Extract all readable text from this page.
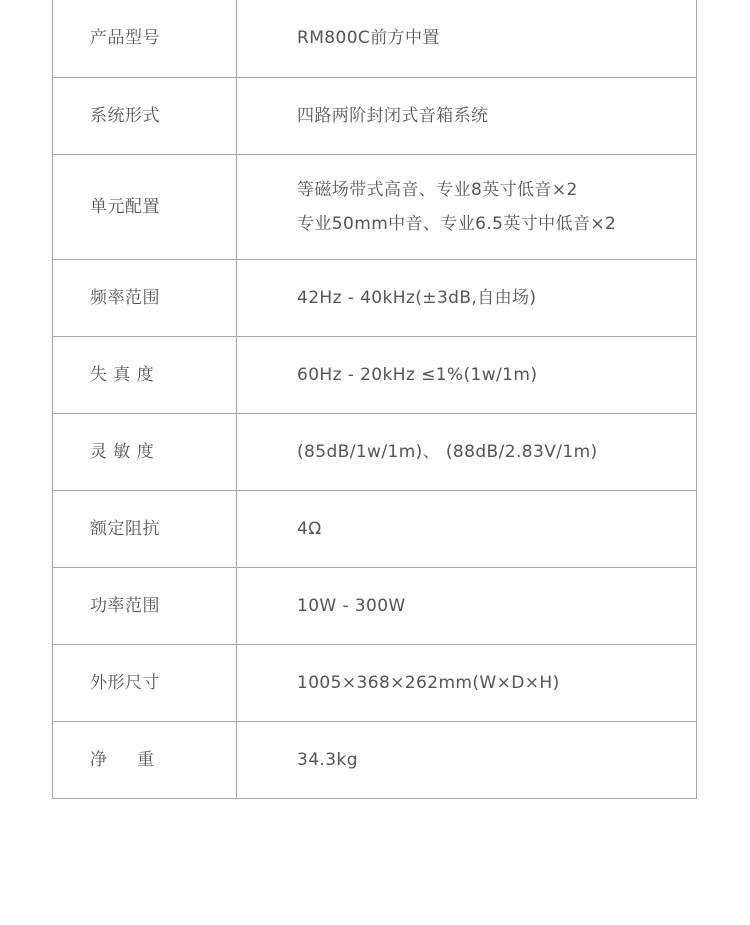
产品型号	RM800C前方中置

系统形式	四路两阶封闭式音箱系统

单元配置	等磁场带式高音、专业8英寸低音×2
专业50mm中音、专业6.5英寸中低音×2

频率范围	42Hz - 40kHz(±3dB,自由场)

失 真 度	60Hz - 20kHz ≤1%(1w/1m)

灵 敏 度	(85dB/1w/1m)、 (88dB/2.83V/1m)

额定阻抗	4Ω

功率范围	10W - 300W

外形尺寸	1005×368×262mm(W×D×H)

净     重	34.3kg
